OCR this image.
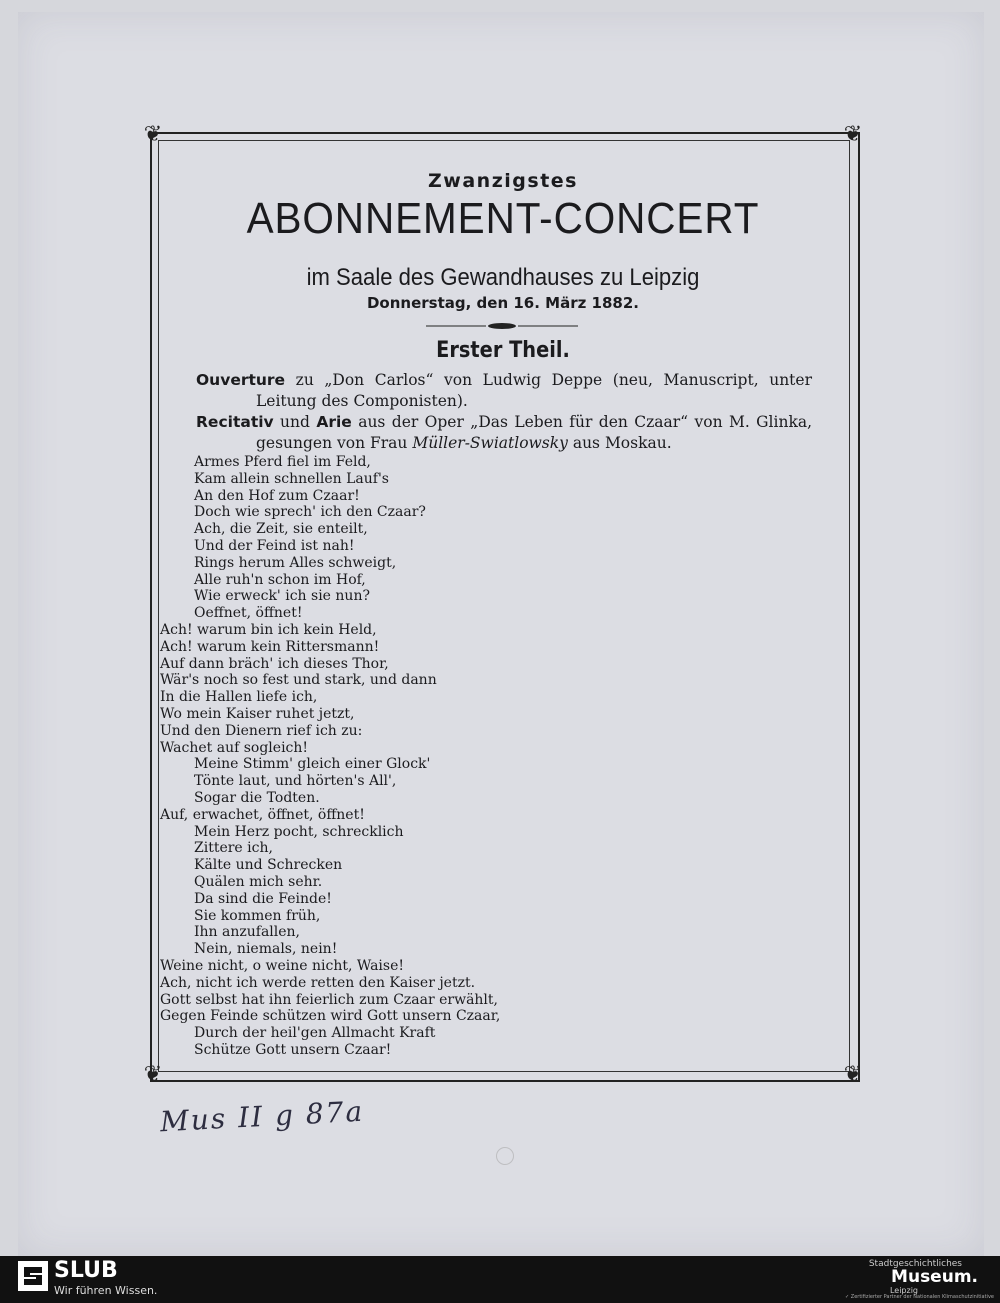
❦	❦
❦	❦
Zwanzigstes
ABONNEMENT-CONCERT
im Saale des Gewandhauses zu Leipzig
Donnerstag, den 16. März 1882.
Erster Theil.

Ouverture zu „Don Carlos“ von Ludwig Deppe (neu, Manuscript, unter Leitung des Componisten).

Recitativ und Arie aus der Oper „Das Leben für den Czaar“ von M. Glinka, gesungen von Frau Müller-Swiatlowsky aus Moskau.

Armes Pferd fiel im Feld,
Kam allein schnellen Lauf's
An den Hof zum Czaar!
Doch wie sprech' ich den Czaar?
Ach, die Zeit, sie enteilt,
Und der Feind ist nah!
Rings herum Alles schweigt,
Alle ruh'n schon im Hof,
Wie erweck' ich sie nun?
Oeffnet, öffnet!
Ach! warum bin ich kein Held,
Ach! warum kein Rittersmann!
Auf dann bräch' ich dieses Thor,
Wär's noch so fest und stark, und dann
In die Hallen liefe ich,
Wo mein Kaiser ruhet jetzt,
Und den Dienern rief ich zu:
Wachet auf sogleich!
Meine Stimm' gleich einer Glock'
Tönte laut, und hörten's All',
Sogar die Todten.
Auf, erwachet, öffnet, öffnet!
Mein Herz pocht, schrecklich
Zittere ich,
Kälte und Schrecken
Quälen mich sehr.
Da sind die Feinde!
Sie kommen früh,
Ihn anzufallen,
Nein, niemals, nein!
Weine nicht, o weine nicht, Waise!
Ach, nicht ich werde retten den Kaiser jetzt.
Gott selbst hat ihn feierlich zum Czaar erwählt,
Gegen Feinde schützen wird Gott unsern Czaar,
Durch der heil'gen Allmacht Kraft
Schütze Gott unsern Czaar!
Mus II g 87a
SLUB
Wir führen Wissen.
Stadtgeschichtliches
Museum.
Leipzig
✓ Zertifizierter Partner der Nationalen Klimaschutzinitiative
